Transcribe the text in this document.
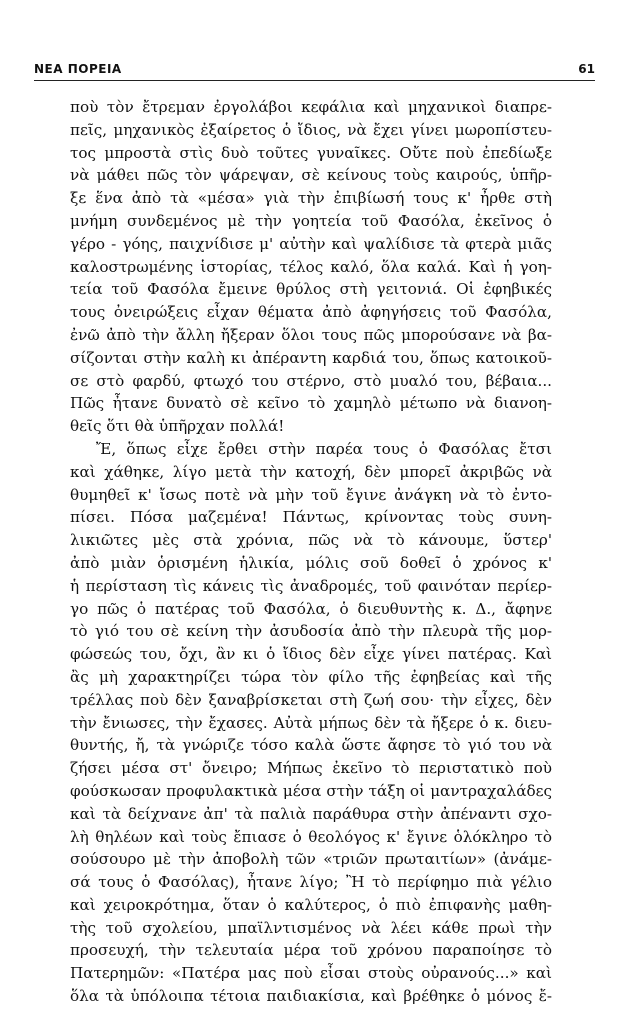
ΝΕΑ ΠΟΡΕΙΑ	61
ποὺ τὸν ἔτρεμαν ἐργολάβοι κεφάλια καὶ μηχανικοὶ διαπρε-
πεῖς, μηχανικὸς ἐξαίρετος ὁ ἴδιος, νὰ ἔχει γίνει μωροπίστευ-
τος μπροστὰ στὶς δυὸ τοῦτες γυναῖκες. Οὔτε ποὺ ἐπεδίωξε
νὰ μάθει πῶς τὸν ψάρεψαν, σὲ κείνους τοὺς καιρούς, ὑπῆρ-
ξε ἕνα ἀπὸ τὰ «μέσα» γιὰ τὴν ἐπιβίωσή τους κ' ἦρθε στὴ
μνήμη συνδεμένος μὲ τὴν γοητεία τοῦ Φασόλα, ἐκεῖνος ὁ
γέρο - γόης, παιχνίδισε μ' αὐτὴν καὶ ψαλίδισε τὰ φτερὰ μιᾶς
καλοστρωμένης ἱστορίας, τέλος καλό, ὅλα καλά. Καὶ ἡ γοη-
τεία τοῦ Φασόλα ἔμεινε θρύλος στὴ γειτονιά. Οἱ ἐφηβικές
τους ὀνειρώξεις εἶχαν θέματα ἀπὸ ἀφηγήσεις τοῦ Φασόλα,
ἐνῶ ἀπὸ τὴν ἄλλη ἤξεραν ὅλοι τους πῶς μπορούσανε νὰ βα-
σίζονται στὴν καλὴ κι ἀπέραντη καρδιά του, ὅπως κατοικοῦ-
σε στὸ φαρδύ, φτωχό του στέρνο, στὸ μυαλό του, βέβαια...
Πῶς ἦτανε δυνατὸ σὲ κεῖνο τὸ χαμηλὸ μέτωπο νὰ διανοη-
θεῖς ὅτι θὰ ὑπῆρχαν πολλά!
Ἔ, ὅπως εἶχε ἔρθει στὴν παρέα τους ὁ Φασόλας ἔτσι
καὶ χάθηκε, λίγο μετὰ τὴν κατοχή, δὲν μπορεῖ ἀκριβῶς νὰ
θυμηθεῖ κ' ἴσως ποτὲ νὰ μὴν τοῦ ἔγινε ἀνάγκη νὰ τὸ ἐντο-
πίσει. Πόσα μαζεμένα! Πάντως, κρίνοντας τοὺς συνη-
λικιῶτες μὲς στὰ χρόνια, πῶς νὰ τὸ κάνουμε, ὕστερ'
ἀπὸ μιὰν ὁρισμένη ἡλικία, μόλις σοῦ δοθεῖ ὁ χρόνος κ'
ἡ περίσταση τὶς κάνεις τὶς ἀναδρομές, τοῦ φαινόταν περίερ-
γο πῶς ὁ πατέρας τοῦ Φασόλα, ὁ διευθυντὴς κ. Δ., ἄφηνε
τὸ γιό του σὲ κείνη τὴν ἀσυδοσία ἀπὸ τὴν πλευρὰ τῆς μορ-
φώσεώς του, ὄχι, ἂν κι ὁ ἴδιος δὲν εἶχε γίνει πατέρας. Καὶ
ἂς μὴ χαρακτηρίζει τώρα τὸν φίλο τῆς ἐφηβείας καὶ τῆς
τρέλλας ποὺ δὲν ξαναβρίσκεται στὴ ζωή σου· τὴν εἶχες, δὲν
τὴν ἔνιωσες, τὴν ἔχασες. Αὐτὰ μήπως δὲν τὰ ἤξερε ὁ κ. διευ-
θυντής, ἤ, τὰ γνώριζε τόσο καλὰ ὥστε ἄφησε τὸ γιό του νὰ
ζήσει μέσα στ' ὄνειρο; Μήπως ἐκεῖνο τὸ περιστατικὸ ποὺ
φούσκωσαν προφυλακτικὰ μέσα στὴν τάξη οἱ μαντραχαλάδες
καὶ τὰ δείχνανε ἀπ' τὰ παλιὰ παράθυρα στὴν ἀπέναντι σχο-
λὴ θηλέων καὶ τοὺς ἔπιασε ὁ θεολόγος κ' ἔγινε ὁλόκληρο τὸ
σούσουρο μὲ τὴν ἀποβολὴ τῶν «τριῶν πρωταιτίων» (ἀνάμε-
σά τους ὁ Φασόλας), ἦτανε λίγο; Ἢ τὸ περίφημο πιὰ γέλιο
καὶ χειροκρότημα, ὅταν ὁ καλύτερος, ὁ πιὸ ἐπιφανὴς μαθη-
τὴς τοῦ σχολείου, μπαϊλντισμένος νὰ λέει κάθε πρωὶ τὴν
προσευχή, τὴν τελευταία μέρα τοῦ χρόνου παραποίησε τὸ
Πατερημῶν: «Πατέρα μας ποὺ εἶσαι στοὺς οὐρανούς...» καὶ
ὅλα τὰ ὑπόλοιπα τέτοια παιδιακίσια, καὶ βρέθηκε ὁ μόνος ἔ-
